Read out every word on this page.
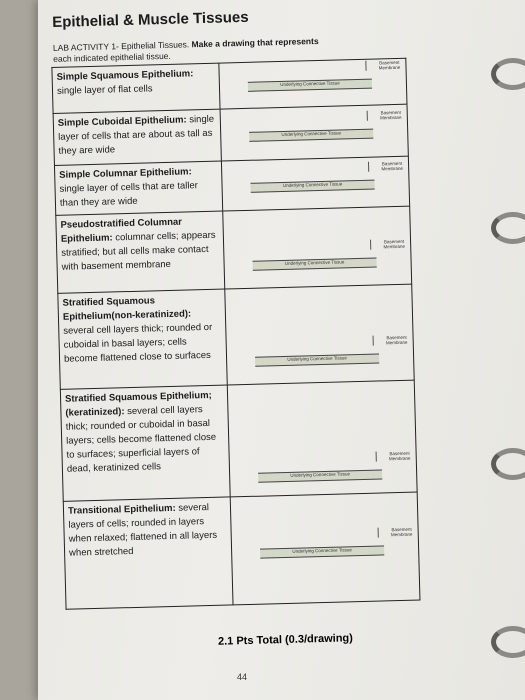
Epithelial & Muscle Tissues
LAB ACTIVITY 1- Epithelial Tissues. Make a drawing that represents
each indicated epithelial tissue.
Simple Squamous Epithelium: single layer of flat cells	Underlying Connective Tissue
Basement
Membrane

Simple Cuboidal Epithelium: single layer of cells that are about as tall as they are wide	Underlying Connective Tissue
Basement
Membrane

Simple Columnar Epithelium: single layer of cells that are taller than they are wide	Underlying Connective Tissue
Basement
Membrane

Pseudostratified Columnar Epithelium: columnar cells; appears stratified; but all cells make contact with basement membrane	Underlying Connective Tissue
Basement
Membrane

Stratified Squamous Epithelium(non-keratinized): several cell layers thick; rounded or cuboidal in basal layers; cells become flattened close to surfaces	Underlying Connective Tissue
Basement
Membrane

Stratified Squamous Epithelium; (keratinized): several cell layers thick; rounded or cuboidal in basal layers; cells become flattened close to surfaces; superficial layers of dead, keratinized cells	Underlying Connective Tissue
Basement
Membrane

Transitional Epithelium: several layers of cells; rounded in layers when relaxed; flattened in all layers when stretched	Underlying Connective Tissue
Basement
Membrane
2.1 Pts Total (0.3/drawing)
44
